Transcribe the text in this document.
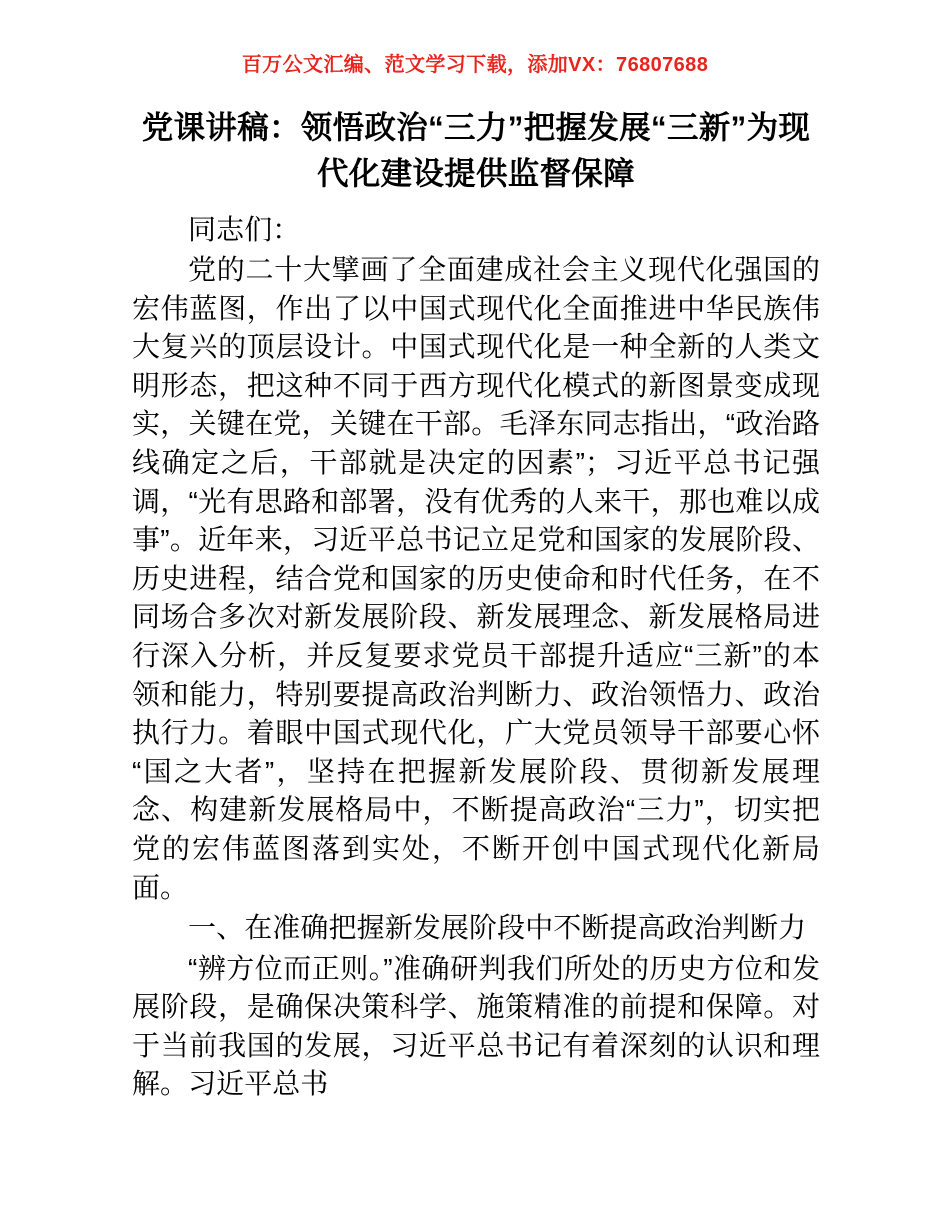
百万公文汇编、范文学习下载，添加VX：76807688
党课讲稿：领悟政治“三力”把握发展“三新”为现代化建设提供监督保障

同志们：

党的二十大擘画了全面建成社会主义现代化强国的宏伟蓝图，作出了以中国式现代化全面推进中华民族伟大复兴的顶层设计。中国式现代化是一种全新的人类文明形态，把这种不同于西方现代化模式的新图景变成现实，关键在党，关键在干部。毛泽东同志指出，“政治路线确定之后，干部就是决定的因素”；习近平总书记强调，“光有思路和部署，没有优秀的人来干，那也难以成事”。近年来，习近平总书记立足党和国家的发展阶段、历史进程，结合党和国家的历史使命和时代任务，在不同场合多次对新发展阶段、新发展理念、新发展格局进行深入分析，并反复要求党员干部提升适应“三新”的本领和能力，特别要提高政治判断力、政治领悟力、政治执行力。着眼中国式现代化，广大党员领导干部要心怀“国之大者”，坚持在把握新发展阶段、贯彻新发展理念、构建新发展格局中，不断提高政治“三力”，切实把党的宏伟蓝图落到实处，不断开创中国式现代化新局面。

一、在准确把握新发展阶段中不断提高政治判断力

“辨方位而正则。”准确研判我们所处的历史方位和发展阶段，是确保决策科学、施策精准的前提和保障。对于当前我国的发展，习近平总书记有着深刻的认识和理解。习近平总书
